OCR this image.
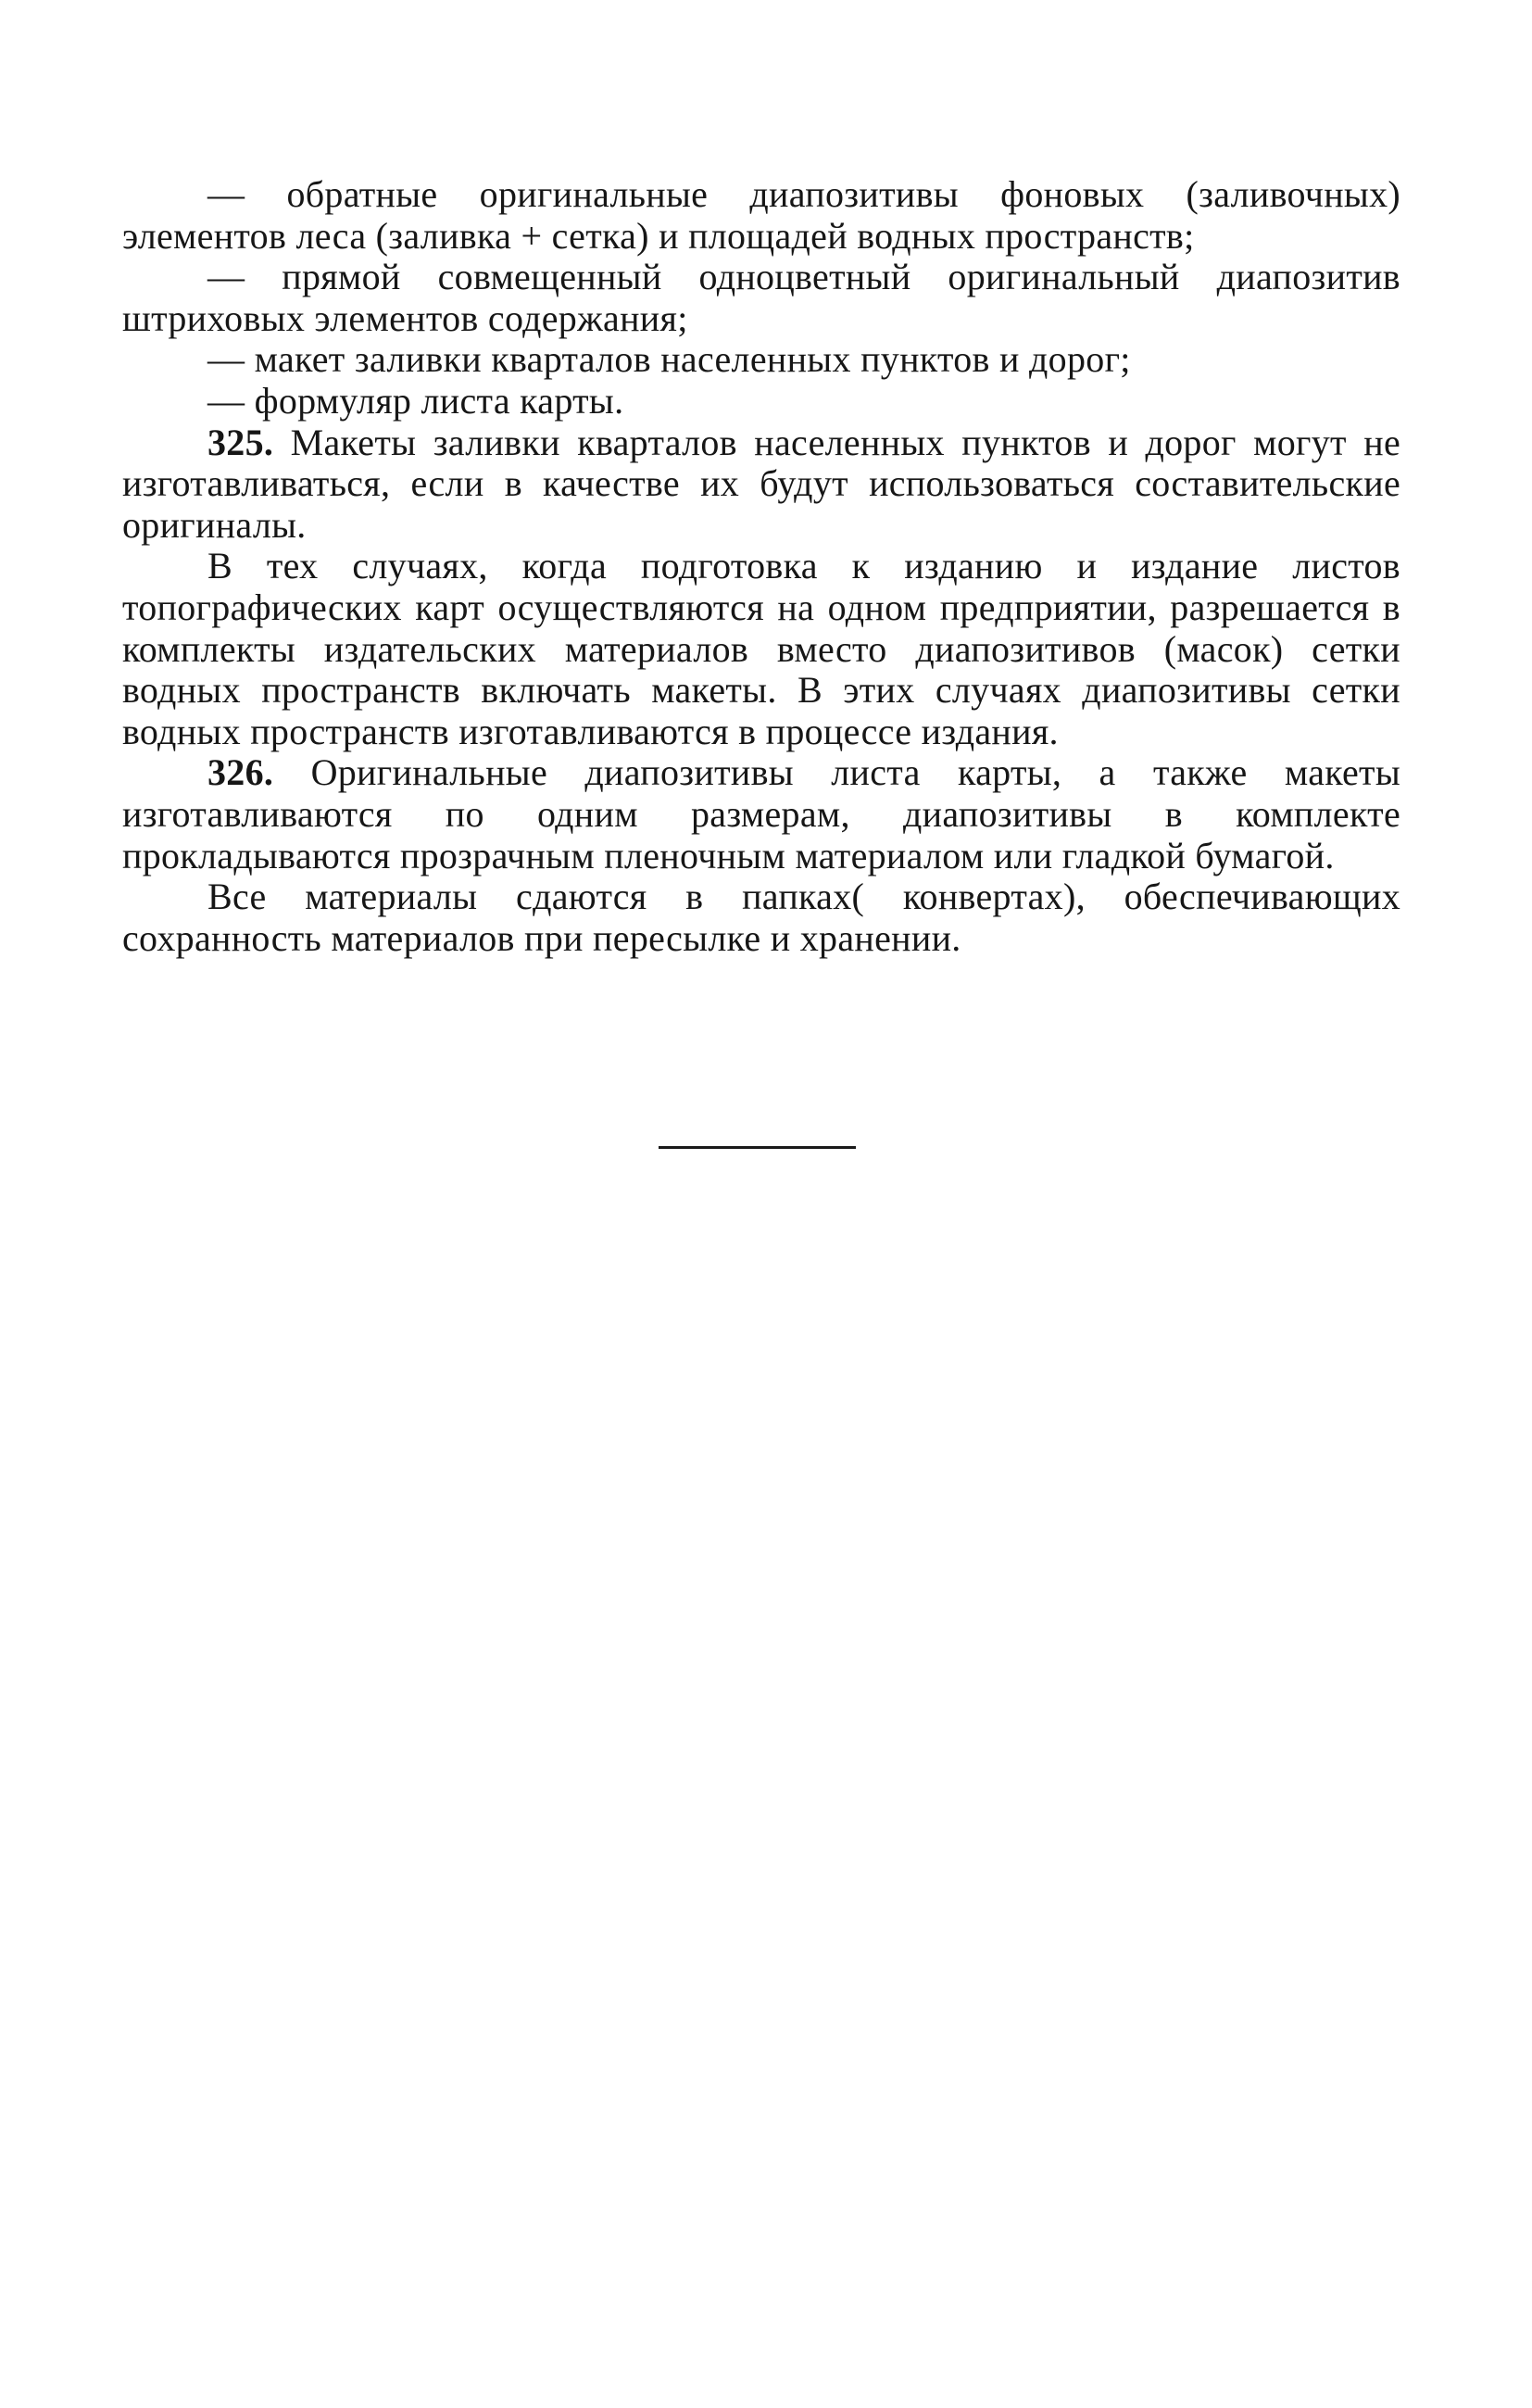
— обратные оригинальные диапозитивы фоновых (заливочных) элементов леса (заливка + сетка) и площадей водных пространств;

— прямой совмещенный одноцветный оригинальный диапозитив штриховых элементов содержания;

— макет заливки кварталов населенных пунктов и дорог;

— формуляр листа карты.

325. Макеты заливки кварталов населенных пунктов и дорог могут не изготавливаться, если в качестве их будут использоваться составительские оригиналы.

В тех случаях, когда подготовка к изданию и издание листов топографических карт осуществляются на одном предприятии, разрешается в комплекты издательских материалов вместо диапозитивов (масок) сетки водных пространств включать макеты. В этих случаях диапозитивы сетки водных пространств изготавливаются в процессе издания.

326. Оригинальные диапозитивы листа карты, а также макеты изготавливаются по одним размерам, диапозитивы в комплекте прокладываются прозрачным пленочным материалом или гладкой бумагой.

Все материалы сдаются в папках( конвертах), обеспечивающих сохранность материалов при пересылке и хранении.
